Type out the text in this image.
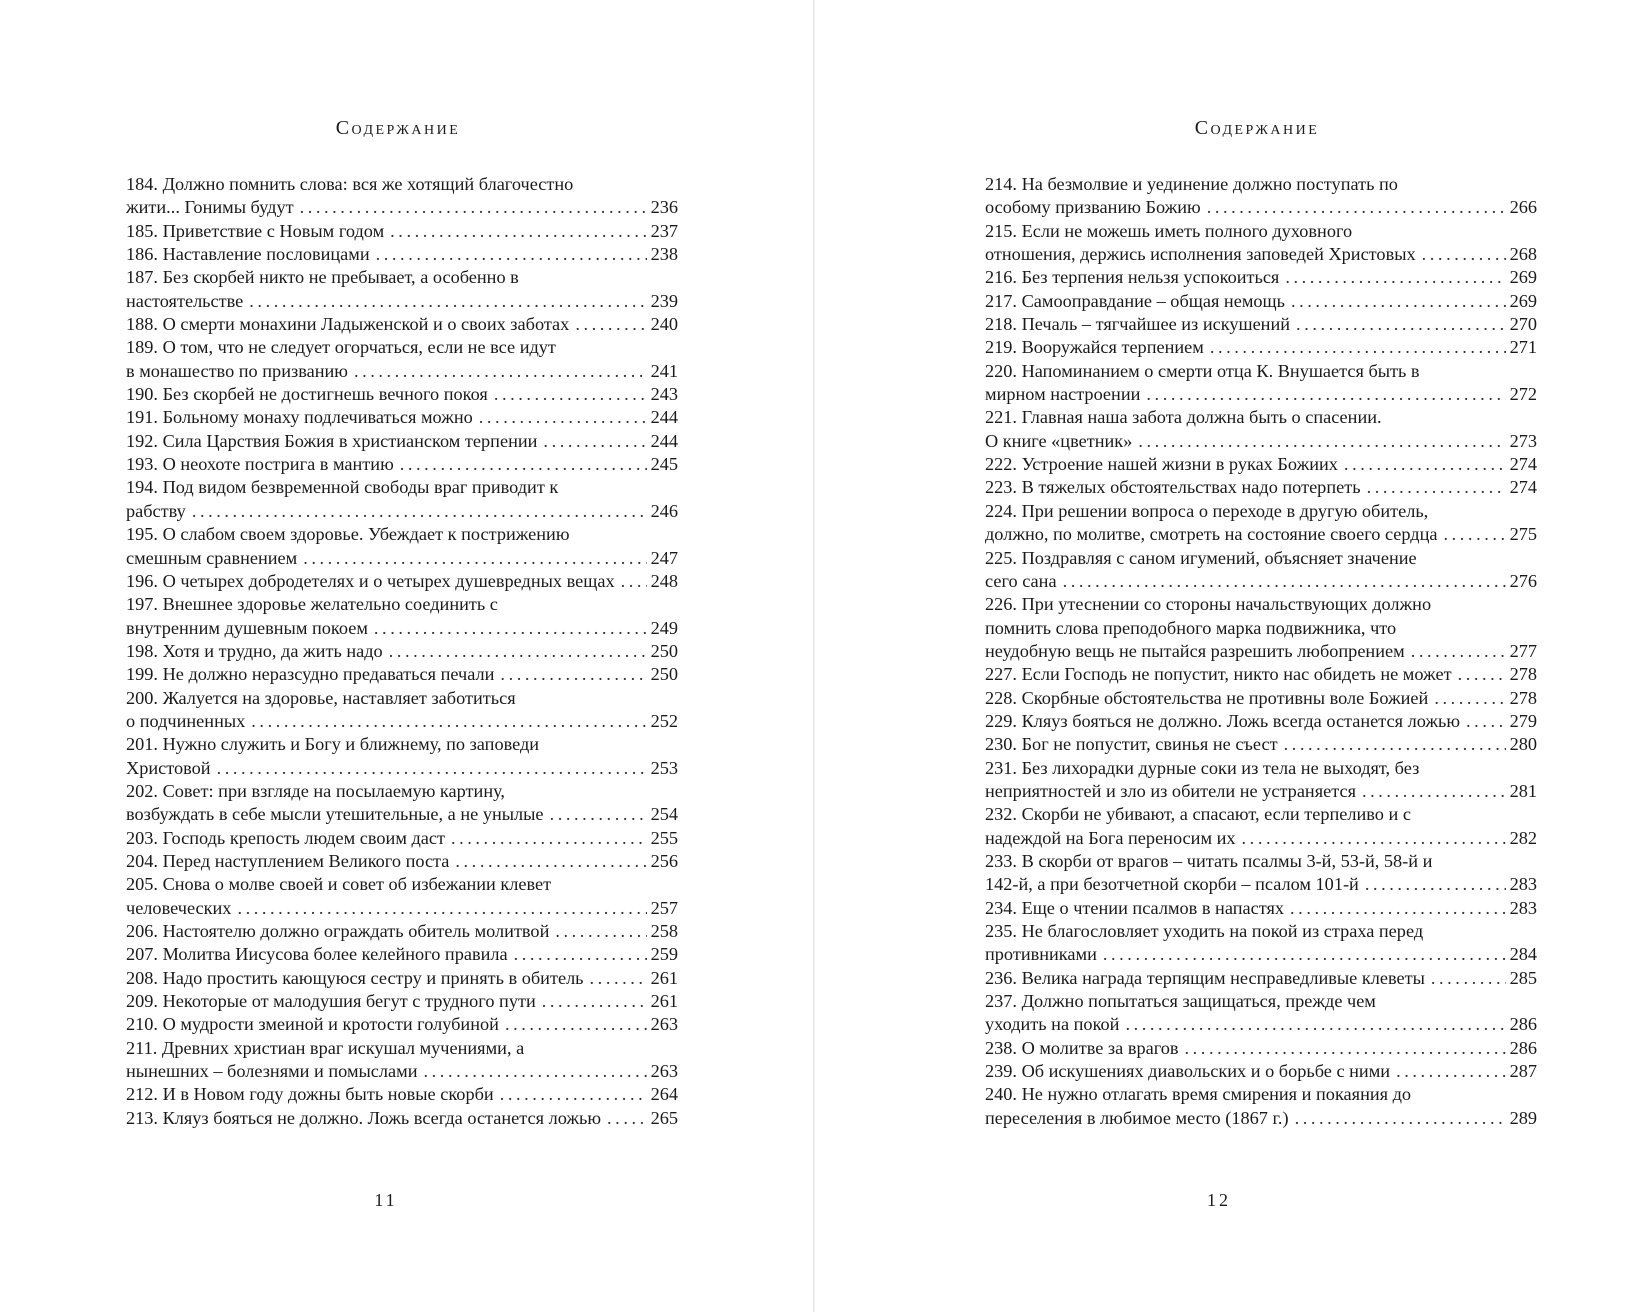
Содержание
184. Должно помнить слова: вся же хотящий благочестно
жити... Гонимы будут . . .	236
185. Приветствие с Новым годом . . .	237
186. Наставление пословицами . . .	238
187. Без скорбей никто не пребывает, а особенно в
настоятельстве . . .	239
188. О смерти монахини Ладыженской и о своих заботах . . .	240
189. О том, что не следует огорчаться, если не все идут
в монашество по призванию . . .	241
190. Без скорбей не достигнешь вечного покоя . . .	243
191. Больному монаху подлечиваться можно . . .	244
192. Сила Царствия Божия в христианском терпении . . .	244
193. О неохоте пострига в мантию . . .	245
194. Под видом безвременной свободы враг приводит к
рабству . . .	246
195. О слабом своем здоровье. Убеждает к пострижению
смешным сравнением . . .	247
196. О четырех добродетелях и о четырех душевредных вещах . . . 248
197. Внешнее здоровье желательно соединить с
внутренним душевным покоем . . .	249
198. Хотя и трудно, да жить надо . . .	250
199. Не должно неразсудно предаваться печали . . .	250
200. Жалуется на здоровье, наставляет заботиться
о подчиненных . . .	252
201. Нужно служить и Богу и ближнему, по заповеди
Христовой . . .	253
202. Совет: при взгляде на посылаемую картину,
возбуждать в себе мысли утешительные, а не унылые . . .	254
203. Господь крепость людем своим даст . . .	255
204. Перед наступлением Великого поста . . .	256
205. Снова о молве своей и совет об избежании клевет
человеческих . . .	257
206. Настоятелю должно ограждать обитель молитвой . . .	258
207. Молитва Иисусова более келейного правила . . .	259
208. Надо простить кающуюся сестру и принять в обитель . . .	261
209. Некоторые от малодушия бегут с трудного пути . . .	261
210. О мудрости змеиной и кротости голубиной . . .	263
211. Древних христиан враг искушал мучениями, а
нынешних – болезнями и помыслами . . .	263
212. И в Новом году дожны быть новые скорби . . .	264
213. Кляуз бояться не должно. Ложь всегда останется ложью . . .	265
11
Содержание
214. На безмолвие и уединение должно поступать по
особому призванию Божию . . .	266
215. Если не можешь иметь полного духовного
отношения, держись исполнения заповедей Христовых . . .	268
216. Без терпения нельзя успокоиться . . .	269
217. Самооправдание – общая немощь . . .	269
218. Печаль – тягчайшее из искушений . . .	270
219. Вооружайся терпением . . .	271
220. Напоминанием о смерти отца К. Внушается быть в
мирном настроении . . .	272
221. Главная наша забота должна быть о спасении.
О книге «цветник» . . .	273
222. Устроение нашей жизни в руках Божиих . . .	274
223. В тяжелых обстоятельствах надо потерпеть . . .	274
224. При решении вопроса о переходе в другую обитель,
должно, по молитве, смотреть на состояние своего сердца . . .	275
225. Поздравляя с саном игумений, объясняет значение
сего сана . . .	276
226. При утеснении со стороны начальствующих должно
помнить слова преподобного марка подвижника, что
неудобную вещь не пытайся разрешить любопрением . . .	277
227. Если Господь не попустит, никто нас обидеть не может . . .	278
228. Скорбные обстоятельства не противны воле Божией . . .	278
229. Кляуз бояться не должно. Ложь всегда останется ложью . . .	279
230. Бог не попустит, свинья не съест . . .	280
231. Без лихорадки дурные соки из тела не выходят, без
неприятностей и зло из обители не устраняется . . .	281
232. Скорби не убивают, а спасают, если терпеливо и с
надеждой на Бога переносим их . . .	282
233. В скорби от врагов – читать псалмы 3-й, 53-й, 58-й и
142-й, а при безотчетной скорби – псалом 101-й . . .	283
234. Еще о чтении псалмов в напастях . . .	283
235. Не благословляет уходить на покой из страха перед
противниками . . .	284
236. Велика награда терпящим несправедливые клеветы . . .	285
237. Должно попытаться защищаться, прежде чем
уходить на покой . . .	286
238. О молитве за врагов . . .	286
239. Об искушениях диавольских и о борьбе с ними . . .	287
240. Не нужно отлагать время смирения и покаяния до
переселения в любимое место (1867 г.) . . .	289
12
